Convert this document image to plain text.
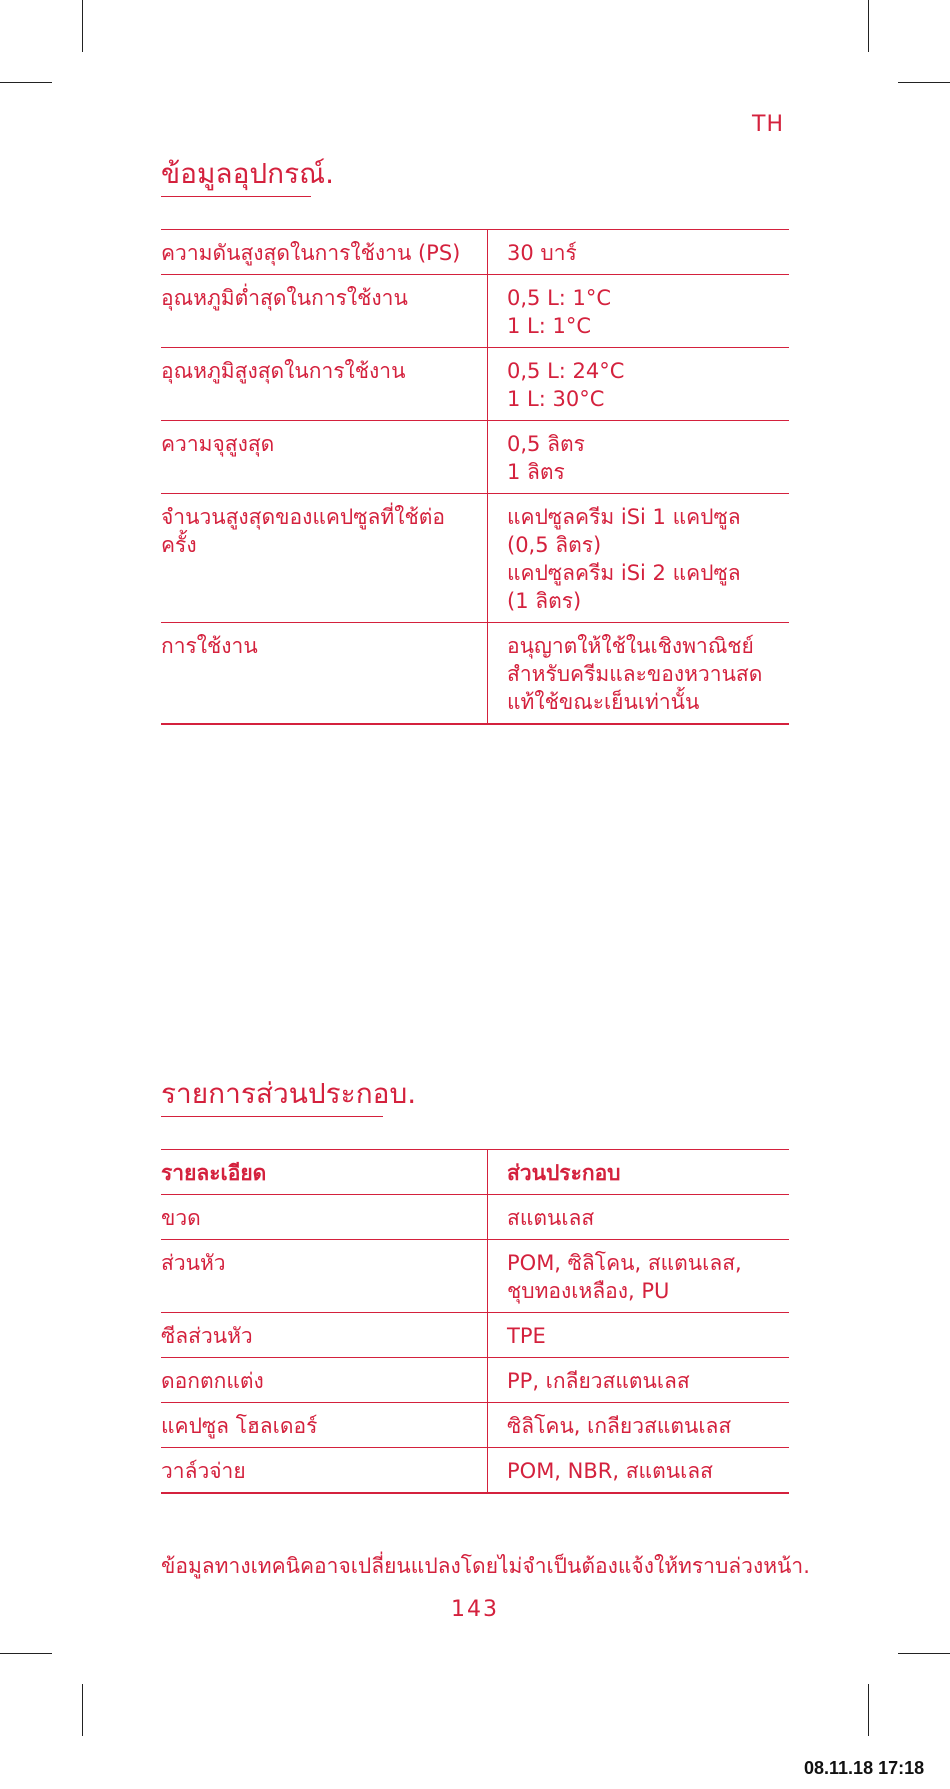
TH
ข้อมูลอุปกรณ์.
ความดันสูงสุดในการใช้งาน (PS)	30 บาร์
อุณหภูมิต่ำสุดในการใช้งาน	0,5 L: 1°C
1 L: 1°C
อุณหภูมิสูงสุดในการใช้งาน	0,5 L: 24°C
1 L: 30°C
ความจุสูงสุด	0,5 ลิตร
1 ลิตร
จำนวนสูงสุดของแคปซูลที่ใช้ต่อครั้ง	แคปซูลครีม iSi 1 แคปซูล
(0,5 ลิตร)
แคปซูลครีม iSi 2 แคปซูล
(1 ลิตร)
การใช้งาน	อนุญาตให้ใช้ในเชิงพาณิชย์สำหรับครีมและของหวานสดแท้ใช้ขณะเย็นเท่านั้น
รายการส่วนประกอบ.
รายละเอียด	ส่วนประกอบ
ขวด	สแตนเลส
ส่วนหัว	POM, ซิลิโคน, สแตนเลส,
ชุบทองเหลือง, PU
ซีลส่วนหัว	TPE
ดอกตกแต่ง	PP, เกลียวสแตนเลส
แคปซูล โฮลเดอร์	ซิลิโคน, เกลียวสแตนเลส
วาล์วจ่าย	POM, NBR, สแตนเลส
ข้อมูลทางเทคนิคอาจเปลี่ยนแปลงโดยไม่จำเป็นต้องแจ้งให้ทราบล่วงหน้า.
143
08.11.18 17:18
